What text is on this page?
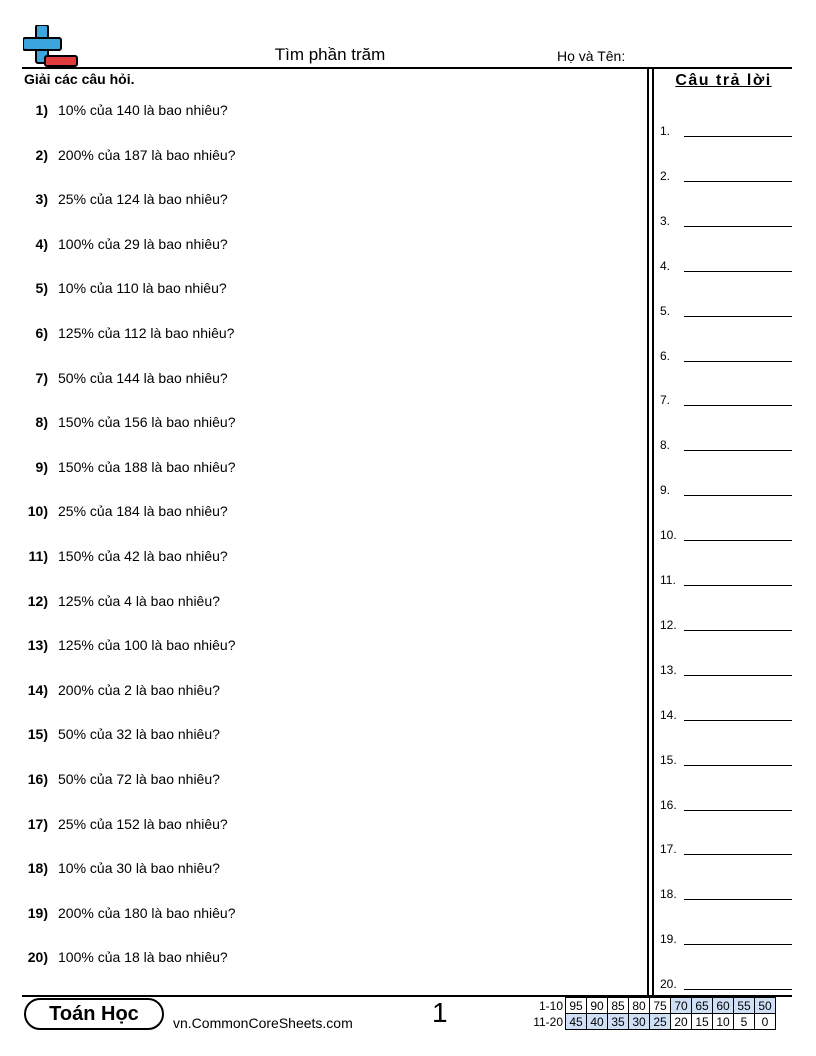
Tìm phần trăm	Họ và Tên:
Giải các câu hỏi.	Câu trả lời
1) 10% của 140 là bao nhiêu?
2) 200% của 187 là bao nhiêu?
3) 25% của 124 là bao nhiêu?
4) 100% của 29 là bao nhiêu?
5) 10% của 110 là bao nhiêu?
6) 125% của 112 là bao nhiêu?
7) 50% của 144 là bao nhiêu?
8) 150% của 156 là bao nhiêu?
9) 150% của 188 là bao nhiêu?
10) 25% của 184 là bao nhiêu?
11) 150% của 42 là bao nhiêu?
12) 125% của 4 là bao nhiêu?
13) 125% của 100 là bao nhiêu?
14) 200% của 2 là bao nhiêu?
15) 50% của 32 là bao nhiêu?
16) 50% của 72 là bao nhiêu?
17) 25% của 152 là bao nhiêu?
18) 10% của 30 là bao nhiêu?
19) 200% của 180 là bao nhiêu?
20) 100% của 18 là bao nhiêu?
1.
2.
3.
4.
5.
6.
7.
8.
9.
10.
11.
12.
13.
14.
15.
16.
17.
18.
19.
20.
Toán Học	vn.CommonCoreSheets.com	1	1-10	95	90	85	80	75	70	65	60	55	50
11-20	45	40	35	30	25	20	15	10	5	0
